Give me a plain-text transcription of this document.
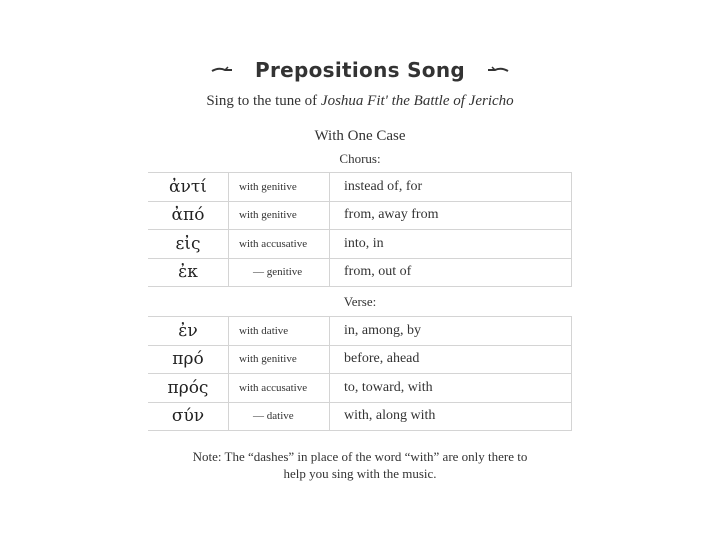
Prepositions Song
Sing to the tune of Joshua Fit' the Battle of Jericho
With One Case
Chorus:
ἀντί	with genitive	instead of, for

ἀπό	with genitive	from, away from

εἰς	with accusative	into, in

ἐκ	— genitive	from, out of
Verse:
ἐν	with dative	in, among, by

πρό	with genitive	before, ahead

πρός	with accusative	to, toward, with

σύν	— dative	with, along with
Note: The “dashes” in place of the word “with” are only there to
help you sing with the music.
